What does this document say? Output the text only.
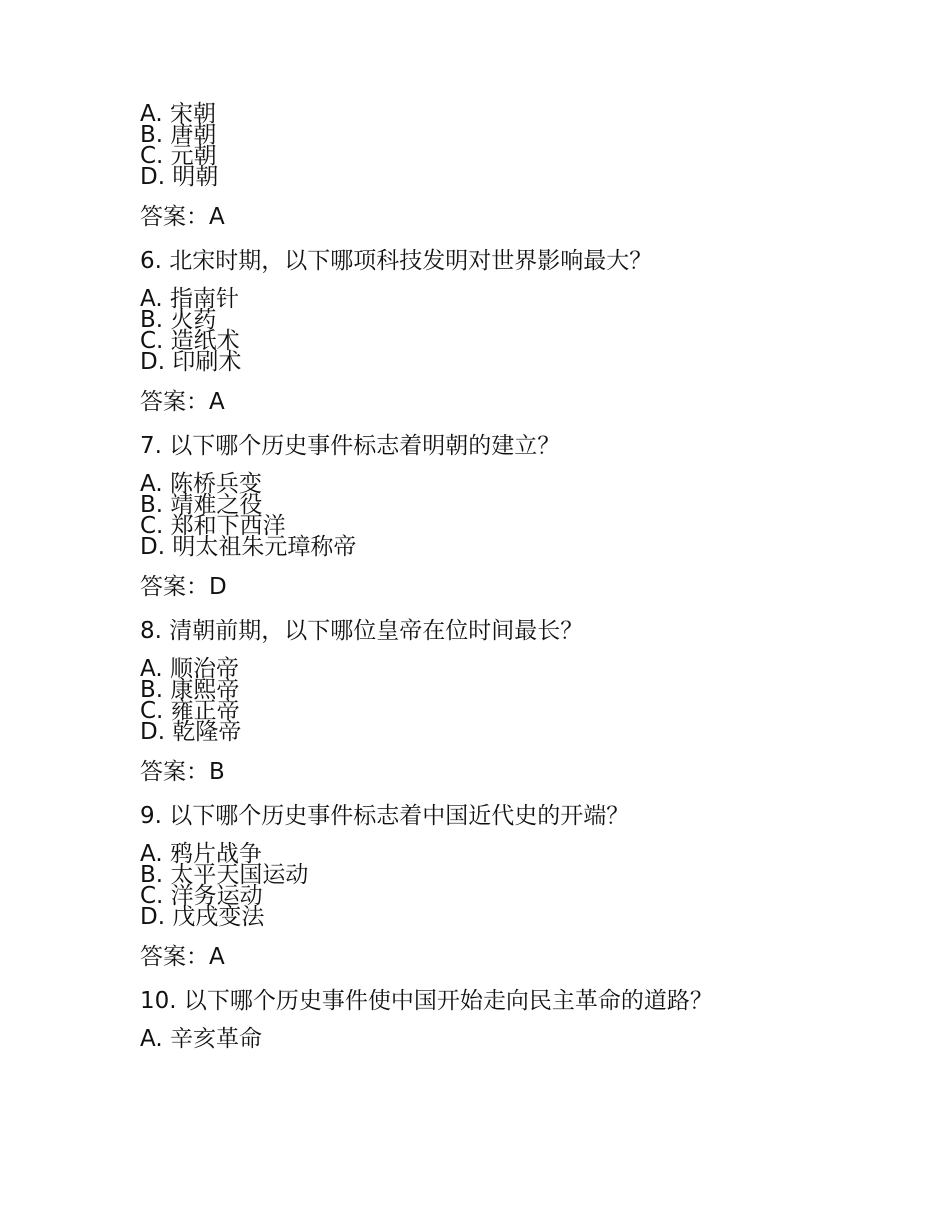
A. 宋朝
B. 唐朝
C. 元朝
D. 明朝
答案：A
6. 北宋时期，以下哪项科技发明对世界影响最大？
A. 指南针
B. 火药
C. 造纸术
D. 印刷术
答案：A
7. 以下哪个历史事件标志着明朝的建立？
A. 陈桥兵变
B. 靖难之役
C. 郑和下西洋
D. 明太祖朱元璋称帝
答案：D
8. 清朝前期，以下哪位皇帝在位时间最长？
A. 顺治帝
B. 康熙帝
C. 雍正帝
D. 乾隆帝
答案：B
9. 以下哪个历史事件标志着中国近代史的开端？
A. 鸦片战争
B. 太平天国运动
C. 洋务运动
D. 戊戌变法
答案：A
10. 以下哪个历史事件使中国开始走向民主革命的道路？
A. 辛亥革命
